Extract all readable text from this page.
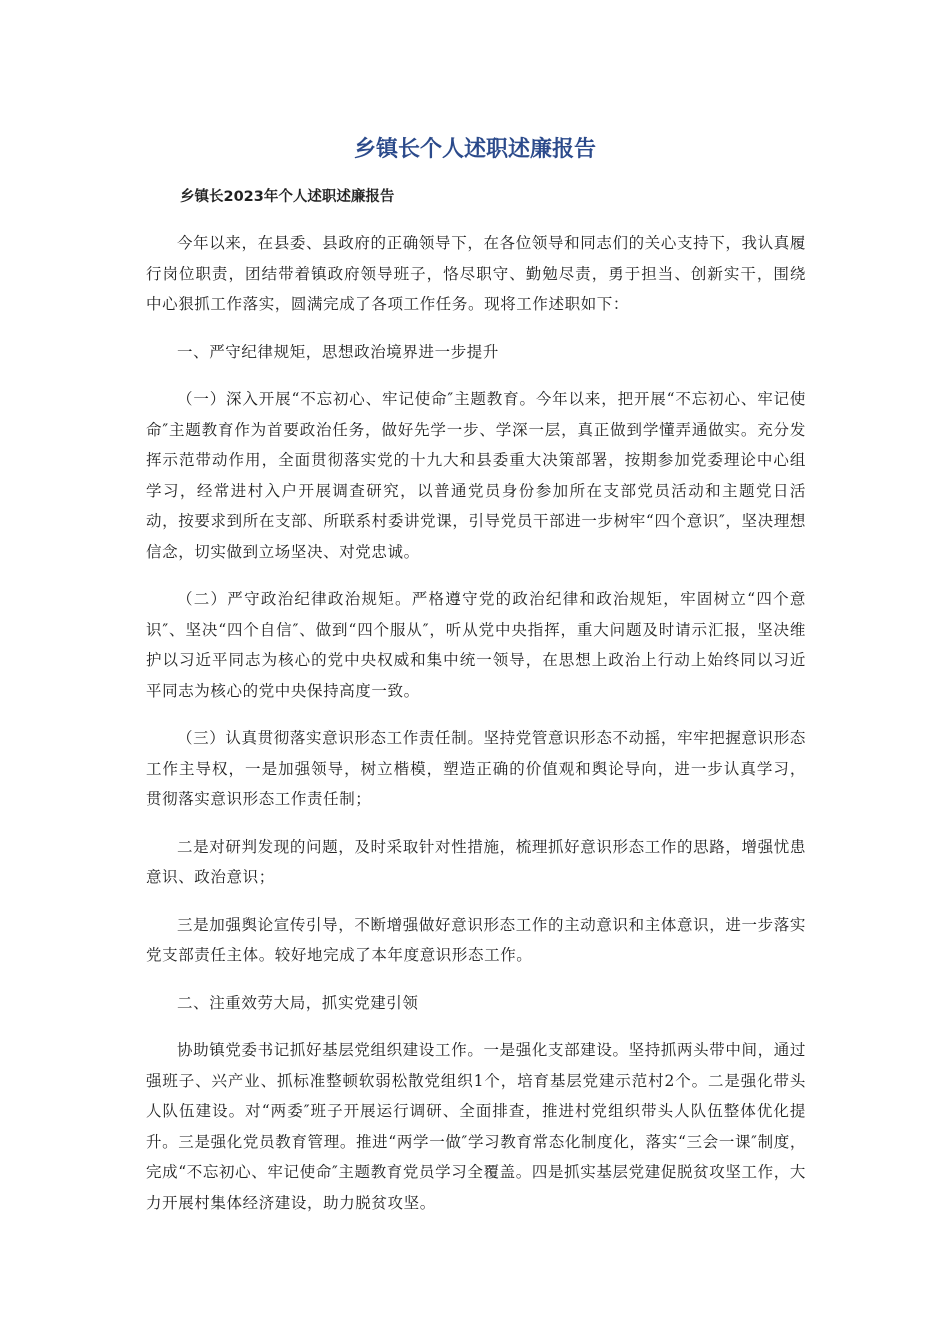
乡镇长个人述职述廉报告
乡镇长2023年个人述职述廉报告

今年以来，在县委、县政府的正确领导下，在各位领导和同志们的关心支持下，我认真履行岗位职责，团结带着镇政府领导班子，恪尽职守、勤勉尽责，勇于担当、创新实干，围绕中心狠抓工作落实，圆满完成了各项工作任务。现将工作述职如下：

一、严守纪律规矩，思想政治境界进一步提升

（一）深入开展“不忘初心、牢记使命″主题教育。今年以来，把开展“不忘初心、牢记使命″主题教育作为首要政治任务，做好先学一步、学深一层，真正做到学懂弄通做实。充分发挥示范带动作用，全面贯彻落实党的十九大和县委重大决策部署，按期参加党委理论中心组学习，经常进村入户开展调查研究，以普通党员身份参加所在支部党员活动和主题党日活动，按要求到所在支部、所联系村委讲党课，引导党员干部进一步树牢“四个意识″，坚决理想信念，切实做到立场坚决、对党忠诚。

（二）严守政治纪律政治规矩。严格遵守党的政治纪律和政治规矩，牢固树立“四个意识″、坚决“四个自信″、做到“四个服从″，听从党中央指挥，重大问题及时请示汇报，坚决维护以习近平同志为核心的党中央权威和集中统一领导，在思想上政治上行动上始终同以习近平同志为核心的党中央保持高度一致。

（三）认真贯彻落实意识形态工作责任制。坚持党管意识形态不动摇，牢牢把握意识形态工作主导权，一是加强领导，树立楷模，塑造正确的价值观和舆论导向，进一步认真学习，贯彻落实意识形态工作责任制；

二是对研判发现的问题，及时采取针对性措施，梳理抓好意识形态工作的思路，增强忧患意识、政治意识；

三是加强舆论宣传引导，不断增强做好意识形态工作的主动意识和主体意识，进一步落实党支部责任主体。较好地完成了本年度意识形态工作。

二、注重效劳大局，抓实党建引领

协助镇党委书记抓好基层党组织建设工作。一是强化支部建设。坚持抓两头带中间，通过强班子、兴产业、抓标准整顿软弱松散党组织1个，培育基层党建示范村2个。二是强化带头人队伍建设。对“两委″班子开展运行调研、全面排查，推进村党组织带头人队伍整体优化提升。三是强化党员教育管理。推进“两学一做″学习教育常态化制度化，落实“三会一课″制度，完成“不忘初心、牢记使命″主题教育党员学习全覆盖。四是抓实基层党建促脱贫攻坚工作，大力开展村集体经济建设，助力脱贫攻坚。
